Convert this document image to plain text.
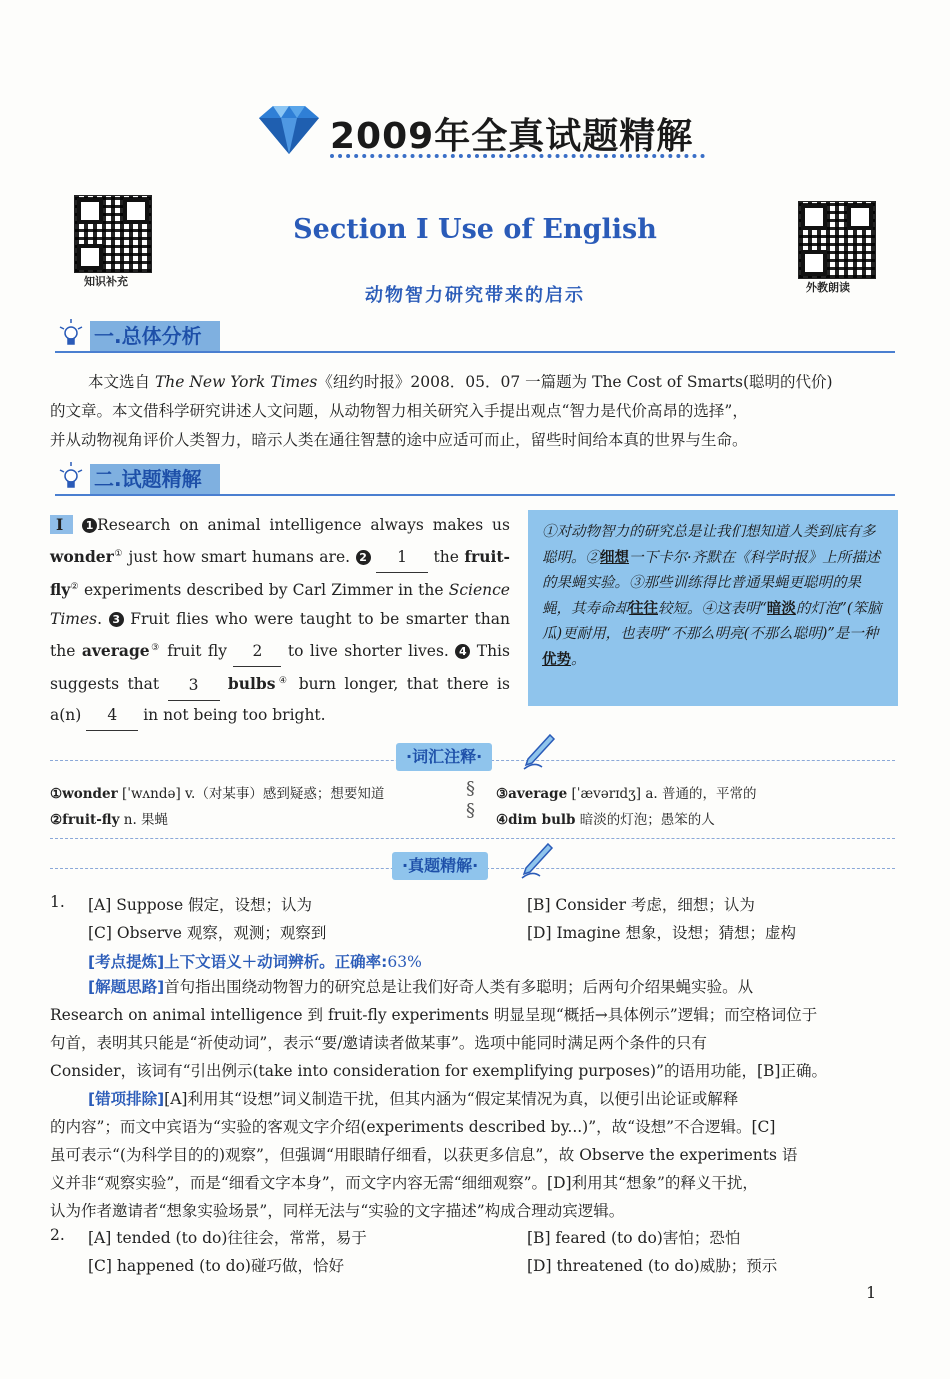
2009年全真试题精解
知识补充	外教朗读
Section Ⅰ Use of English
动物智力研究带来的启示
一.总体分析
本文选自 The New York Times《纽约时报》2008．05．07 一篇题为 The Cost of Smarts(聪明的代价)
的文章。本文借科学研究讲述人文问题，从动物智力相关研究入手提出观点“智力是代价高昂的选择”，
并从动物视角评价人类智力，暗示人类在通往智慧的途中应适可而止，留些时间给本真的世界与生命。
二.试题精解
Ⅰ 1 Research on animal intelligence always makes us wonder① just how smart humans are. 2 1 the fruit-fly② experiments described by Carl Zimmer in the Science Times. 3 Fruit flies who were taught to be smarter than the average③ fruit fly 2 to live shorter lives. 4 This suggests that 3 bulbs④ burn longer, that there is a(n) 4 in not being too bright.
①对动物智力的研究总是让我们想知道人类到底有多聪明。②细想一下卡尔·齐默在《科学时报》上所描述的果蝇实验。③那些训练得比普通果蝇更聪明的果蝇，其寿命却往往较短。④这表明“暗淡的灯泡”(笨脑瓜)更耐用，也表明“不那么明亮(不那么聪明)”是一种优势。
·词汇注释·
①wonder [ˈwʌndə] v.（对某事）感到疑惑；想要知道
②fruit-fly n. 果蝇
§
§
③average [ˈævərɪdʒ] a. 普通的，平常的
④dim bulb 暗淡的灯泡；愚笨的人
·真题精解·
1. [A] Suppose 假定，设想；认为	[B] Consider 考虑，细想；认为
[C] Observe 观察，观测；观察到	[D] Imagine 想象，设想；猜想；虚构
[考点提炼]上下文语义＋动词辨析。正确率:63%
[解题思路]首句指出围绕动物智力的研究总是让我们好奇人类有多聪明；后两句介绍果蝇实验。从
Research on animal intelligence 到 fruit-fly experiments 明显呈现“概括→具体例示”逻辑；而空格词位于
句首，表明其只能是“祈使动词”，表示“要/邀请读者做某事”。选项中能同时满足两个条件的只有
Consider，该词有“引出例示(take into consideration for exemplifying purposes)”的语用功能，[B]正确。
[错项排除][A]利用其“设想”词义制造干扰，但其内涵为“假定某情况为真，以便引出论证或解释
的内容”；而文中宾语为“实验的客观文字介绍(experiments described by...)”，故“设想”不合逻辑。[C]
虽可表示“(为科学目的的)观察”，但强调“用眼睛仔细看，以获更多信息”，故 Observe the experiments 语
义并非“观察实验”，而是“细看文字本身”，而文字内容无需“细细观察”。[D]利用其“想象”的释义干扰，
认为作者邀请者“想象实验场景”，同样无法与“实验的文字描述”构成合理动宾逻辑。
2. [A] tended (to do)往往会，常常，易于	[B] feared (to do)害怕；恐怕
[C] happened (to do)碰巧做，恰好	[D] threatened (to do)威胁；预示
1
